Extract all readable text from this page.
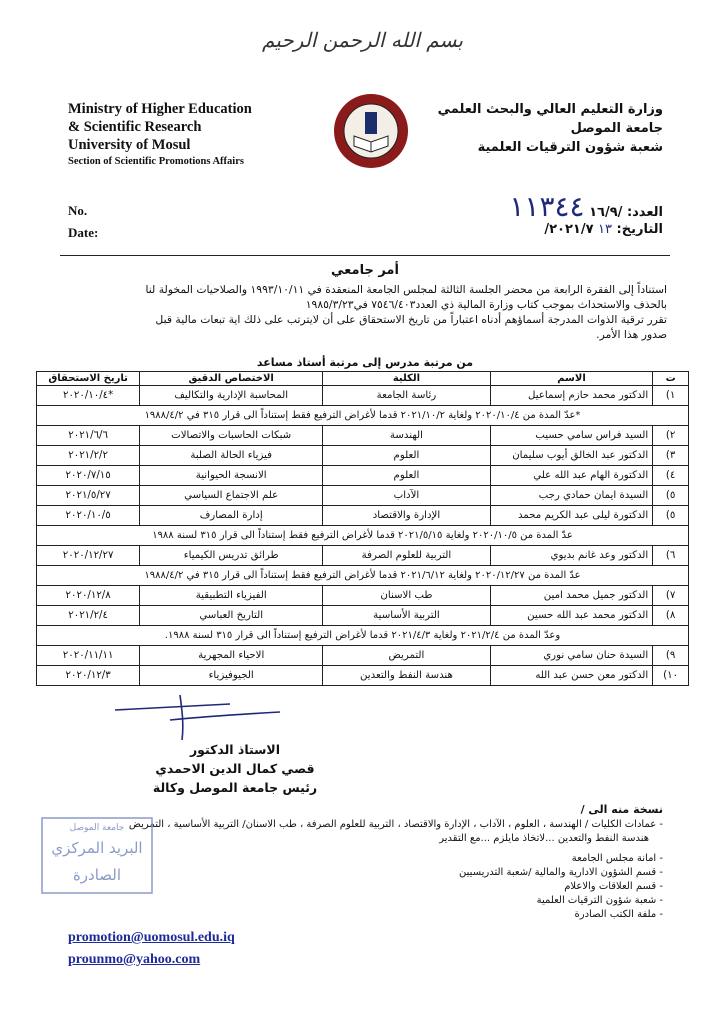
بسم الله الرحمن الرحيم
Ministry of Higher Education
& Scientific Research
University of Mosul
Section of Scientific Promotions Affairs
وزارة التعليم العالي والبحث العلمي
جامعة الموصل
شعبة شؤون الترقيات العلمية
No.
Date:
العدد: /١٦/٩ ١١٣٤٤
التاريخ: ١٣ ٢٠٢١/٧/
أمر جامعي
استناداً إلى الفقرة الرابعة من محضر الجلسة الثالثة لمجلس الجامعة المنعقدة في ١٩٩٣/١٠/١١ والصلاحيات المخولة لنا
بالحذف والاستحداث بموجب كتاب وزارة المالية ذي العدد٧٥٤٦/٤٠٣ في١٩٨٥/٣/٢٣
تقرر ترقية الذوات المدرجة أسماؤهم أدناه اعتباراً من تاريخ الاستحقاق على أن لايترتب على ذلك اية تبعات مالية قبل
صدور هذا الأمر.
من مرتبة مدرس إلى مرتبة أستاذ مساعد
ت	الاسم	الكلية	الاختصاص الدقيق	تاريخ الاستحقاق
١)	الدكتور محمد حازم إسماعيل	رئاسة الجامعة	المحاسبة الإدارية والتكاليف	*٢٠٢٠/١٠/٤
*عدّ المدة من ٢٠٢٠/١٠/٤ ولغاية ٢٠٢١/١٠/٢ قدما لأغراض الترفيع فقط إستناداً الى قرار ٣١٥ في ١٩٨٨/٤/٢				
٢)	السيد فراس سامي حسيب	الهندسة	شبكات الحاسبات والاتصالات	٢٠٢١/٦/٦
٣)	الدكتور عبد الخالق أيوب سليمان	العلوم	فيزياء الحالة الصلبة	٢٠٢١/٢/٢
٤)	الدكتورة الهام عبد الله علي	العلوم	الانسجة الحيوانية	٢٠٢٠/٧/١٥
٥)	السيدة ايمان حمادي رجب	الآداب	علم الاجتماع السياسي	٢٠٢١/٥/٢٧
٥)	الدكتورة ليلى عبد الكريم محمد	الإدارة والاقتصاد	إدارة المصارف	٢٠٢٠/١٠/٥
عدّ المدة من ٢٠٢٠/١٠/٥ ولغاية ٢٠٢١/٥/١٥ قدما لأغراض الترفيع فقط إستناداً الى قرار ٣١٥ لسنة ١٩٨٨				
٦)	الدكتور وعد غانم بديوي	التربية للعلوم الصرفة	طرائق تدريس الكيمياء	٢٠٢٠/١٢/٢٧
عدّ المدة من ٢٠٢٠/١٢/٢٧ ولغاية ٢٠٢١/٦/١٢ قدما لأغراض الترفيع فقط إستناداً الى قرار ٣١٥ في ١٩٨٨/٤/٢				
٧)	الدكتور جميل محمد امين	طب الاسنان	الفيزياء التطبيقية	٢٠٢٠/١٢/٨
٨)	الدكتور محمد عبد الله حسين	التربية الأساسية	التاريخ العباسي	٢٠٢١/٢/٤
وعدّ المدة من ٢٠٢١/٢/٤ ولغاية ٢٠٢١/٤/٣ قدما لأغراض الترفيع إستناداً الى قرار ٣١٥ لسنة ١٩٨٨.				
٩)	السيدة حنان سامي نوري	التمريض	الاحياء المجهرية	٢٠٢٠/١١/١١
١٠)	الدكتور معن حسن عبد الله	هندسة النفط والتعدين	الجيوفيزياء	٢٠٢٠/١٢/٣
الاستاذ الدكتور
قصي كمال الدين الاحمدي
رئيس جامعة الموصل وكالة
نسخة منه الى /
- عمادات الكليات / الهندسة ، العلوم ، الآداب ، الإدارة والاقتصاد ، التربية للعلوم الصرفة ، طب الاسنان/ التربية الأساسية ، التمريض
هندسة النفط والتعدين ...لاتخاذ مايلزم ...مع التقدير
- امانة مجلس الجامعة
- قسم الشؤون الادارية والمالية /شعبة التدريسيين
- قسم العلاقات والاعلام
- شعبة شؤون الترقيات العلمية
- ملفة الكتب الصادرة
البريد المركزي
الصادرة
جامعة الموصل
promotion@uomosul.edu.iq
prounmo@yahoo.com
